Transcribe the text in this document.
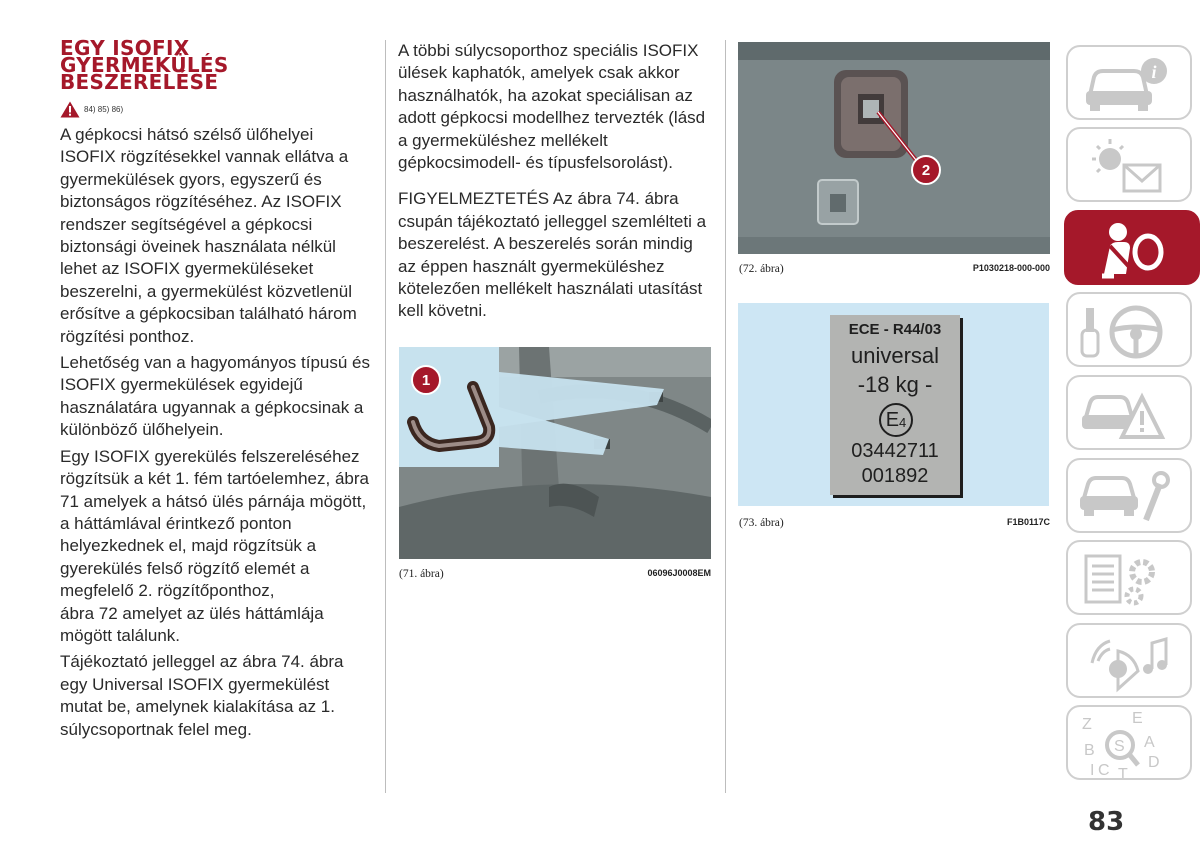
EGY ISOFIX
GYERMEKÜLÉS
BESZERELÉSE
84) 85) 86)

A gépkocsi hátsó szélső ülőhelyei ISOFIX rögzítésekkel vannak ellátva a gyermekülések gyors, egyszerű és biztonságos rögzítéséhez. Az ISOFIX rendszer segítségével a gépkocsi biztonsági öveinek használata nélkül lehet az ISOFIX gyermeküléseket beszerelni, a gyermekülést közvetlenül erősítve a gépkocsiban található három rögzítési ponthoz.

Lehetőség van a hagyományos típusú és ISOFIX gyermekülések egyidejű használatára ugyannak a gépkocsinak a különböző ülőhelyein.

Egy ISOFIX gyerekülés felszereléséhez rögzítsük a két 1. fém tartóelemhez, ábra 71 amelyek a hátsó ülés párnája mögött, a háttámlával érintkező ponton helyezkednek el, majd rögzítsük a gyerekülés felső rögzítő elemét a megfelelő 2. rögzítőponthoz,

ábra 72 amelyet az ülés háttámlája mögött találunk.

Tájékoztató jelleggel az ábra 74. ábra egy Universal ISOFIX gyermekülést mutat be, amelynek kialakítása az 1. súlycsoportnak felel meg.

A többi súlycsoporthoz speciális ISOFIX ülések kaphatók, amelyek csak akkor használhatók, ha azokat speciálisan az adott gépkocsi modellhez tervezték (lásd a gyermeküléshez mellékelt gépkocsimodell- és típusfelsorolást).

FIGYELMEZTETÉS Az ábra 74. ábra csupán tájékoztató jelleggel szemlélteti a beszerelést. A beszerelés során mindig az éppen használt gyermeküléshez kötelezően mellékelt használati utasítást kell követni.

1
(71. ábra)	06096J0008EM
2
(72. ábra)	P1030218-000-000
ECE - R44/03
universal
-18 kg -
E 4
03442711
001892
(73. ábra)	F1B0117C
i
Z	E
B	A
I C T
D
S
83
